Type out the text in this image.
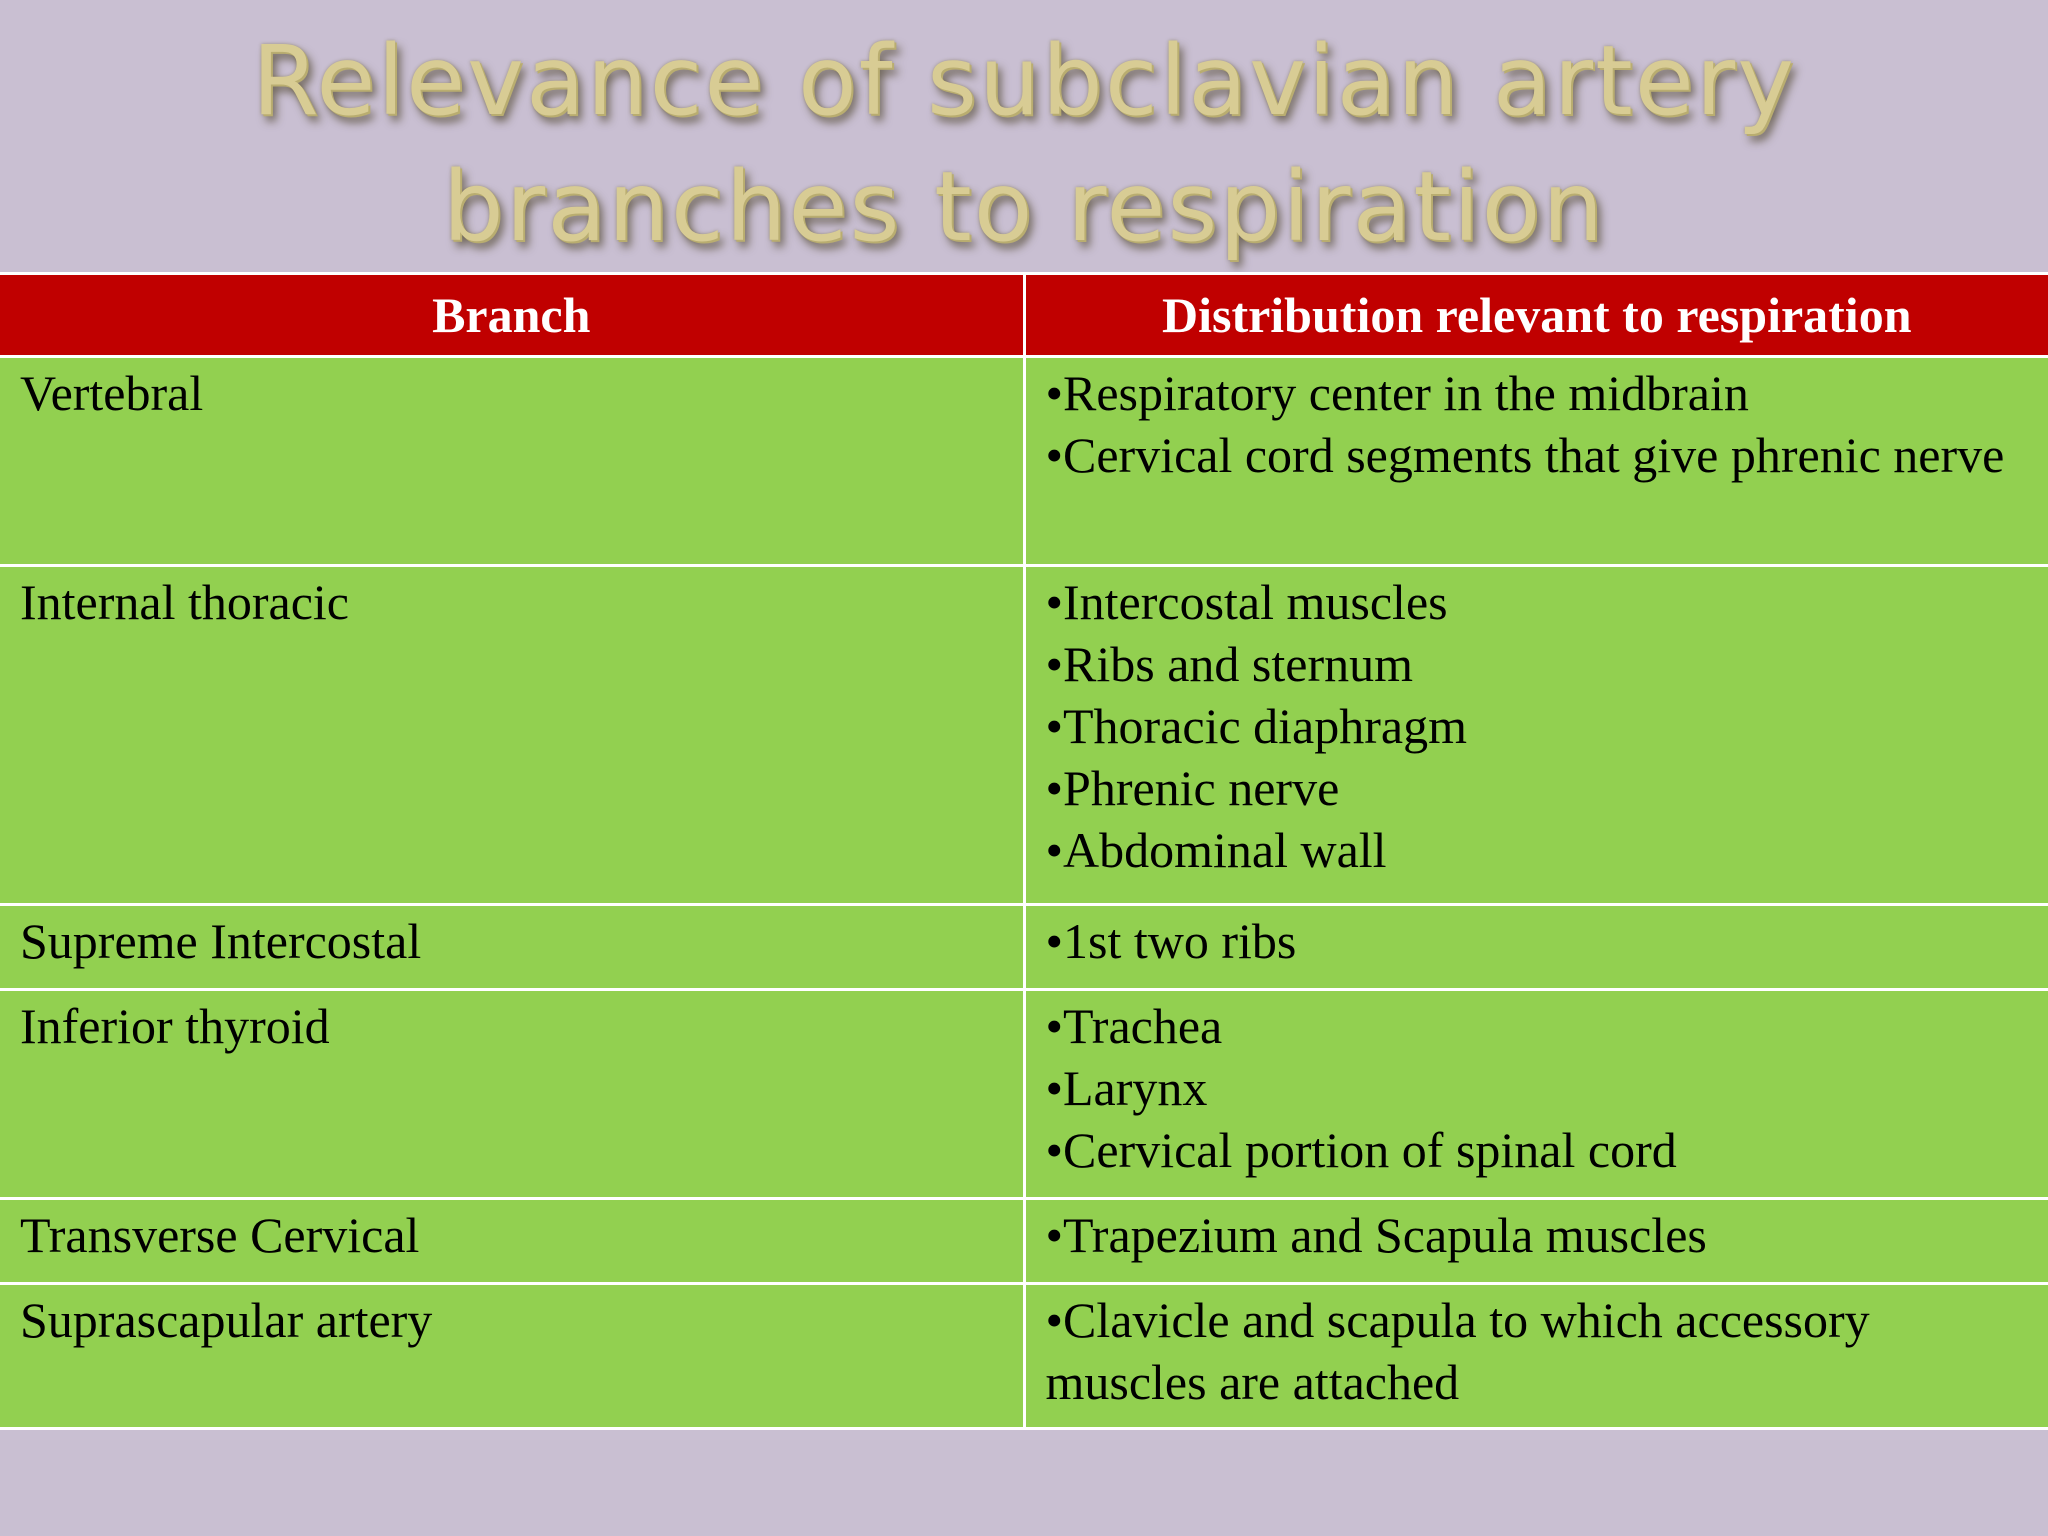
Relevance of subclavian artery
branches to respiration
Branch	Distribution relevant to respiration

Vertebral	•Respiratory center in the midbrain
•Cervical cord segments that give phrenic nerve

Internal thoracic	•Intercostal muscles
•Ribs and sternum
•Thoracic diaphragm
•Phrenic nerve
•Abdominal wall

Supreme Intercostal	•1st two ribs

Inferior thyroid	•Trachea
•Larynx
•Cervical portion of spinal cord

Transverse Cervical	•Trapezium and Scapula muscles

Suprascapular artery	•Clavicle and scapula to which accessory muscles are attached
